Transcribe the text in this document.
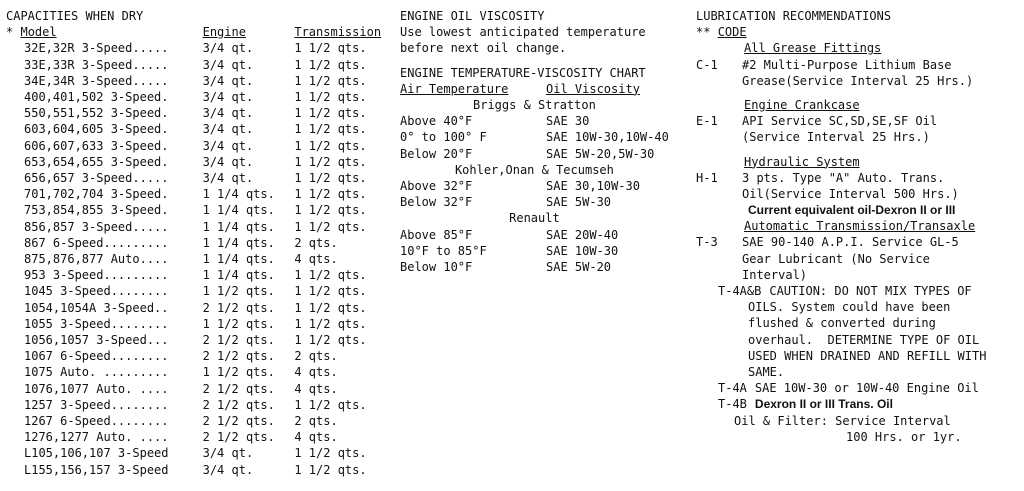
CAPACITIES WHEN DRY
* Model	Engine	Transmission
32E,32R 3-Speed.....	3/4 qt.	1 1/2 qts.
33E,33R 3-Speed.....	3/4 qt.	1 1/2 qts.
34E,34R 3-Speed.....	3/4 qt.	1 1/2 qts.
400,401,502 3-Speed.	3/4 qt.	1 1/2 qts.
550,551,552 3-Speed.	3/4 qt.	1 1/2 qts.
603,604,605 3-Speed.	3/4 qt.	1 1/2 qts.
606,607,633 3-Speed.	3/4 qt.	1 1/2 qts.
653,654,655 3-Speed.	3/4 qt.	1 1/2 qts.
656,657 3-Speed.....	3/4 qt.	1 1/2 qts.
701,702,704 3-Speed.	1 1/4 qts.	1 1/2 qts.
753,854,855 3-Speed.	1 1/4 qts.	1 1/2 qts.
856,857 3-Speed.....	1 1/4 qts.	1 1/2 qts.
867 6-Speed.........	1 1/4 qts.	2 qts.
875,876,877 Auto....	1 1/4 qts.	4 qts.
953 3-Speed.........	1 1/4 qts.	1 1/2 qts.
1045 3-Speed........	1 1/2 qts.	1 1/2 qts.
1054,1054A 3-Speed..	2 1/2 qts.	1 1/2 qts.
1055 3-Speed........	1 1/2 qts.	1 1/2 qts.
1056,1057 3-Speed...	2 1/2 qts.	1 1/2 qts.
1067 6-Speed........	2 1/2 qts.	2 qts.
1075 Auto. .........	1 1/2 qts.	4 qts.
1076,1077 Auto. ....	2 1/2 qts.	4 qts.
1257 3-Speed........	2 1/2 qts.	1 1/2 qts.
1267 6-Speed........	2 1/2 qts.	2 qts.
1276,1277 Auto. ....	2 1/2 qts.	4 qts.
L105,106,107 3-Speed	3/4 qt.	1 1/2 qts.
L155,156,157 3-Speed	3/4 qt.	1 1/2 qts.
ENGINE OIL VISCOSITY
Use lowest anticipated temperature
before next oil change.
ENGINE TEMPERATURE-VISCOSITY CHART
Air Temperature	Oil Viscosity
Briggs & Stratton	
Above 40°F	SAE 30
0° to 100° F	SAE 10W-30,10W-40
Below 20°F	SAE 5W-20,5W-30
Kohler,Onan & Tecumseh	
Above 32°F	SAE 30,10W-30
Below 32°F	SAE 5W-30
Renault	
Above 85°F	SAE 20W-40
10°F to 85°F	SAE 10W-30
Below 10°F	SAE 5W-20
LUBRICATION RECOMMENDATIONS
** CODE
All Grease Fittings
C-1	#2 Multi-Purpose Lithium Base
Grease(Service Interval 25 Hrs.)
Engine Crankcase
E-1	API Service SC,SD,SE,SF Oil
(Service Interval 25 Hrs.)
Hydraulic System
H-1	3 pts. Type "A" Auto. Trans.
Oil(Service Interval 500 Hrs.)
Current equivalent oil-Dexron II or III
Automatic Transmission/Transaxle
T-3	SAE 90-140 A.P.I. Service GL-5
Gear Lubricant (No Service
Interval)
T-4A&B CAUTION: DO NOT MIX TYPES OF
OILS. System could have been
flushed & converted during
overhaul.  DETERMINE TYPE OF OIL
USED WHEN DRAINED AND REFILL WITH
SAME.
T-4A SAE 10W-30 or 10W-40 Engine Oil
T-4B Dexron II or III Trans. Oil
Oil & Filter: Service Interval
100 Hrs. or 1yr.
